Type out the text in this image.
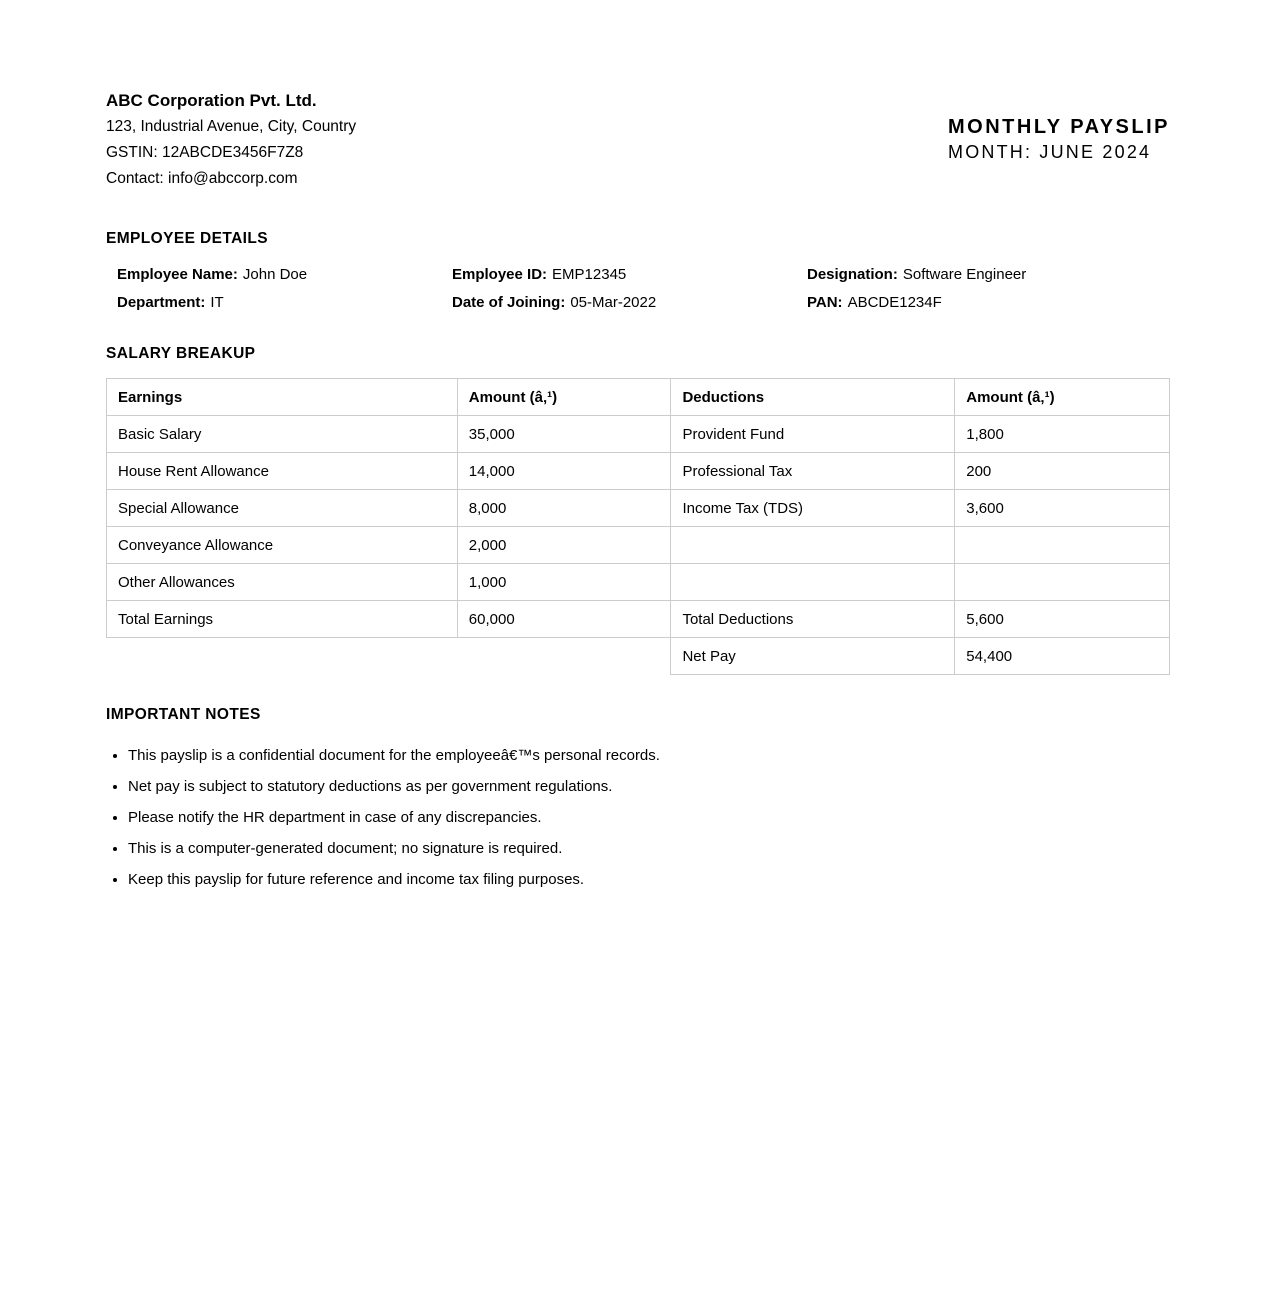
ABC Corporation Pvt. Ltd.
123, Industrial Avenue, City, Country
GSTIN: 12ABCDE3456F7Z8
Contact: info@abccorp.com
MONTHLY PAYSLIP
MONTH: JUNE 2024
EMPLOYEE DETAILS
Employee Name: John Doe	Employee ID: EMP12345	Designation: Software Engineer
Department: IT	Date of Joining: 05-Mar-2022	PAN: ABCDE1234F
SALARY BREAKUP
Earnings	Amount (â‚¹)	Deductions	Amount (â‚¹)
Basic Salary	35,000	Provident Fund	1,800
House Rent Allowance	14,000	Professional Tax	200
Special Allowance	8,000	Income Tax (TDS)	3,600
Conveyance Allowance	2,000		
Other Allowances	1,000		
Total Earnings	60,000	Total Deductions	5,600
		Net Pay	54,400
IMPORTANT NOTES
• This payslip is a confidential document for the employeeâ€™s personal records.
• Net pay is subject to statutory deductions as per government regulations.
• Please notify the HR department in case of any discrepancies.
• This is a computer-generated document; no signature is required.
• Keep this payslip for future reference and income tax filing purposes.
